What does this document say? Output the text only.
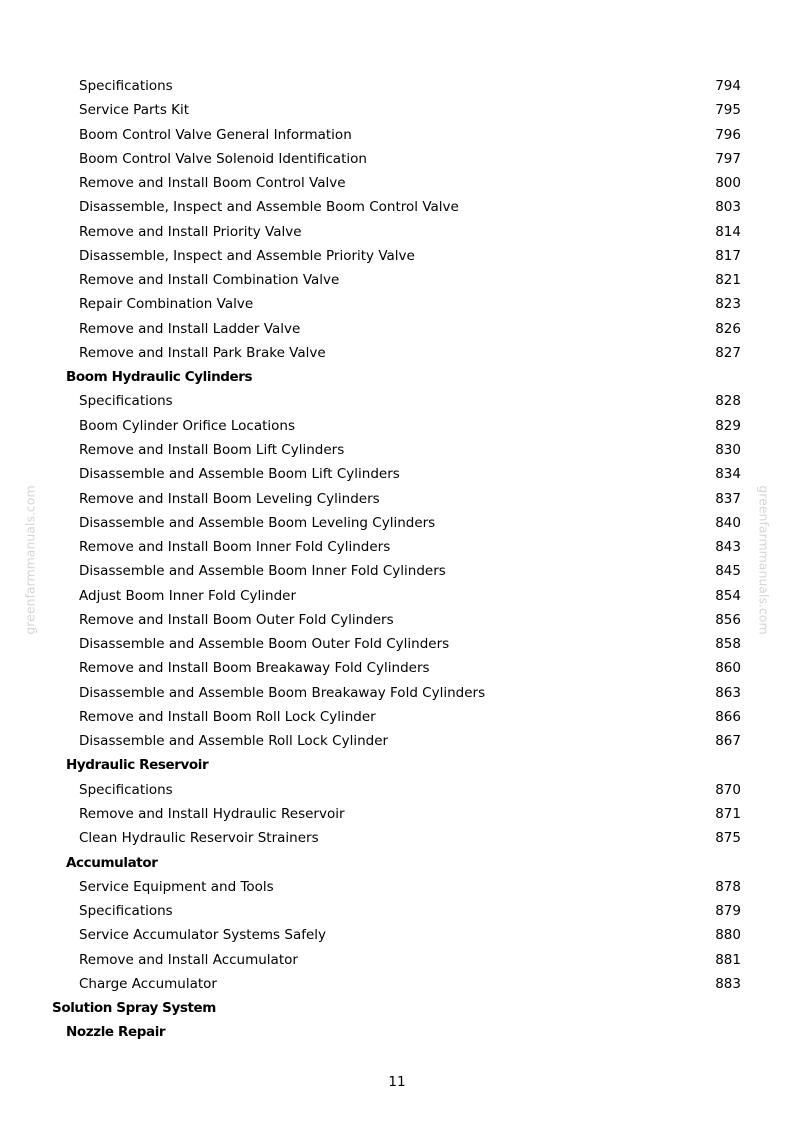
Specifications	794
Service Parts Kit	795
Boom Control Valve General Information	796
Boom Control Valve Solenoid Identification	797
Remove and Install Boom Control Valve	800
Disassemble, Inspect and Assemble Boom Control Valve	803
Remove and Install Priority Valve	814
Disassemble, Inspect and Assemble Priority Valve	817
Remove and Install Combination Valve	821
Repair Combination Valve	823
Remove and Install Ladder Valve	826
Remove and Install Park Brake Valve	827
Boom Hydraulic Cylinders
Specifications	828
Boom Cylinder Orifice Locations	829
Remove and Install Boom Lift Cylinders	830
Disassemble and Assemble Boom Lift Cylinders	834
Remove and Install Boom Leveling Cylinders	837
Disassemble and Assemble Boom Leveling Cylinders	840
Remove and Install Boom Inner Fold Cylinders	843
Disassemble and Assemble Boom Inner Fold Cylinders	845
Adjust Boom Inner Fold Cylinder	854
Remove and Install Boom Outer Fold Cylinders	856
Disassemble and Assemble Boom Outer Fold Cylinders	858
Remove and Install Boom Breakaway Fold Cylinders	860
Disassemble and Assemble Boom Breakaway Fold Cylinders	863
Remove and Install Boom Roll Lock Cylinder	866
Disassemble and Assemble Roll Lock Cylinder	867
Hydraulic Reservoir
Specifications	870
Remove and Install Hydraulic Reservoir	871
Clean Hydraulic Reservoir Strainers	875
Accumulator
Service Equipment and Tools	878
Specifications	879
Service Accumulator Systems Safely	880
Remove and Install Accumulator	881
Charge Accumulator	883
Solution Spray System
Nozzle Repair
11
greenfarmmanuals.com	greenfarmmanuals.com
